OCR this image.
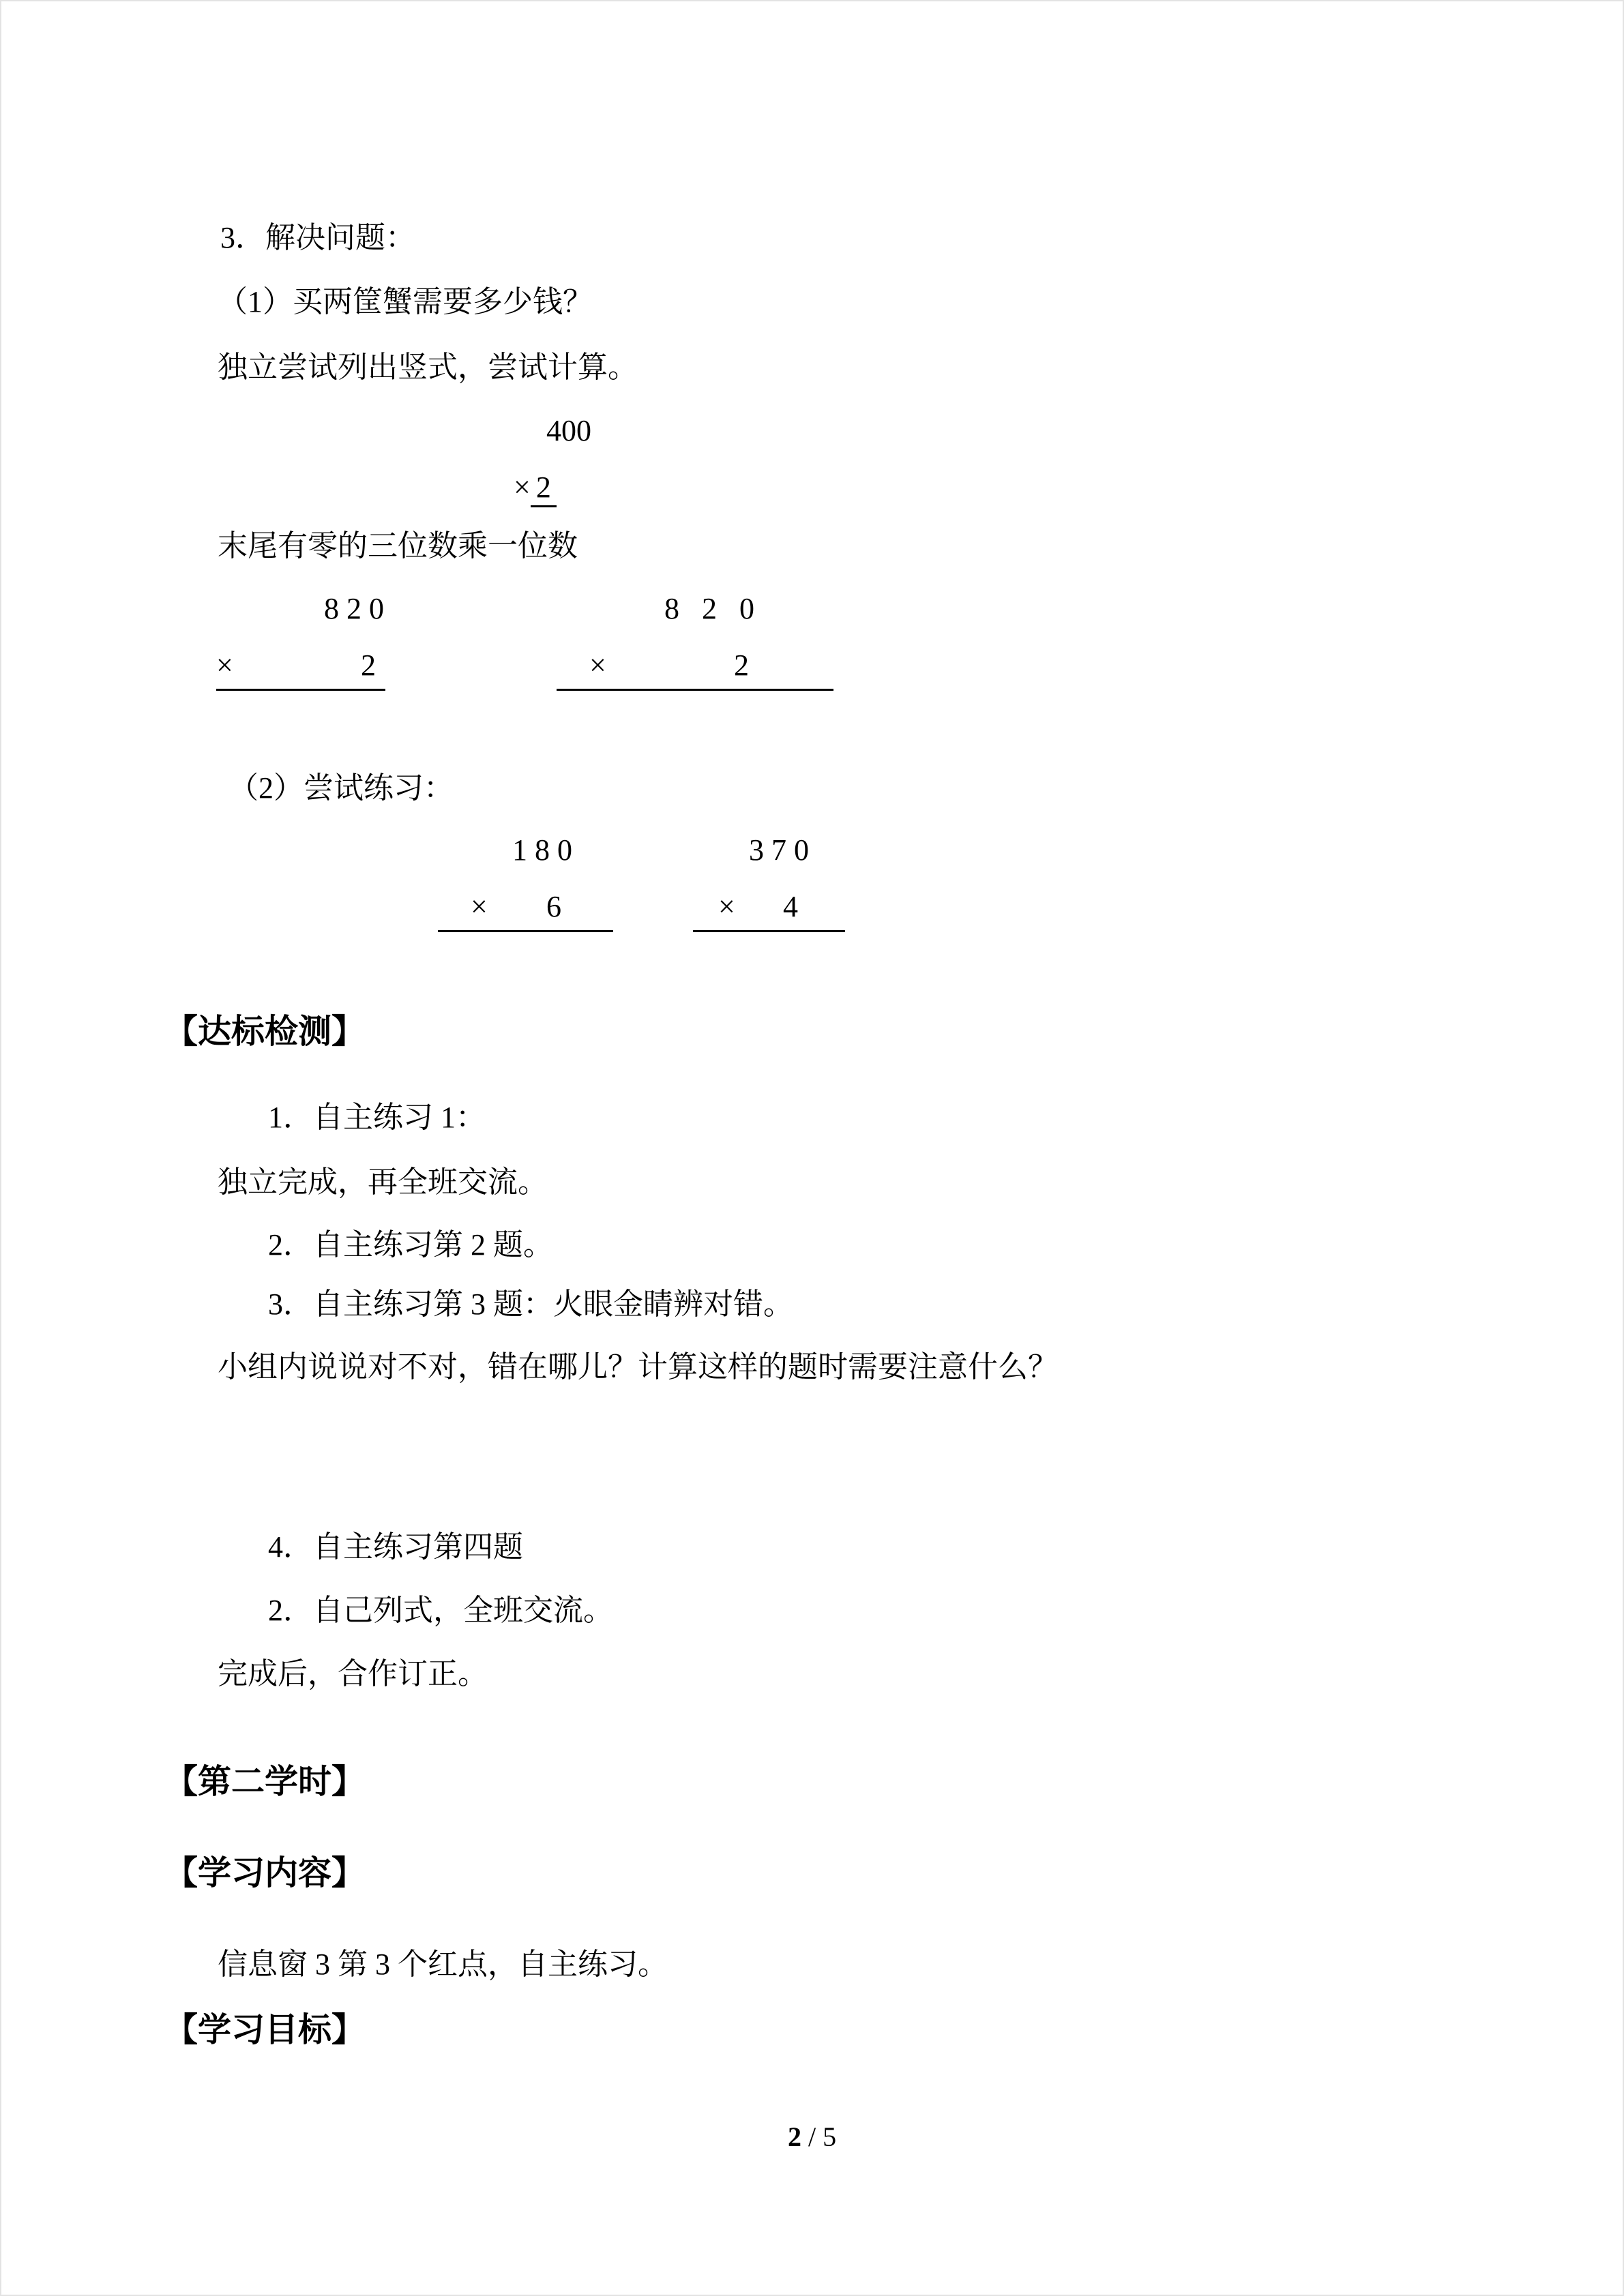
3．解决问题：
（1）买两筐蟹需要多少钱？
独立尝试列出竖式，尝试计算。
400
× 2
末尾有零的三位数乘一位数
8 2 0
×	2
8   2   0
×	2
（2）尝试练习：
1 8 0
× 6
3 7 0
× 4
【达标检测】
1．自主练习 1：
独立完成，再全班交流。
2．自主练习第 2 题。
3．自主练习第 3 题：火眼金睛辨对错。
小组内说说对不对，错在哪儿？计算这样的题时需要注意什么？
4．自主练习第四题
2．自己列式，全班交流。
完成后，合作订正。
【第二学时】
【学习内容】
信息窗 3 第 3 个红点，自主练习。
【学习目标】
2 / 5
